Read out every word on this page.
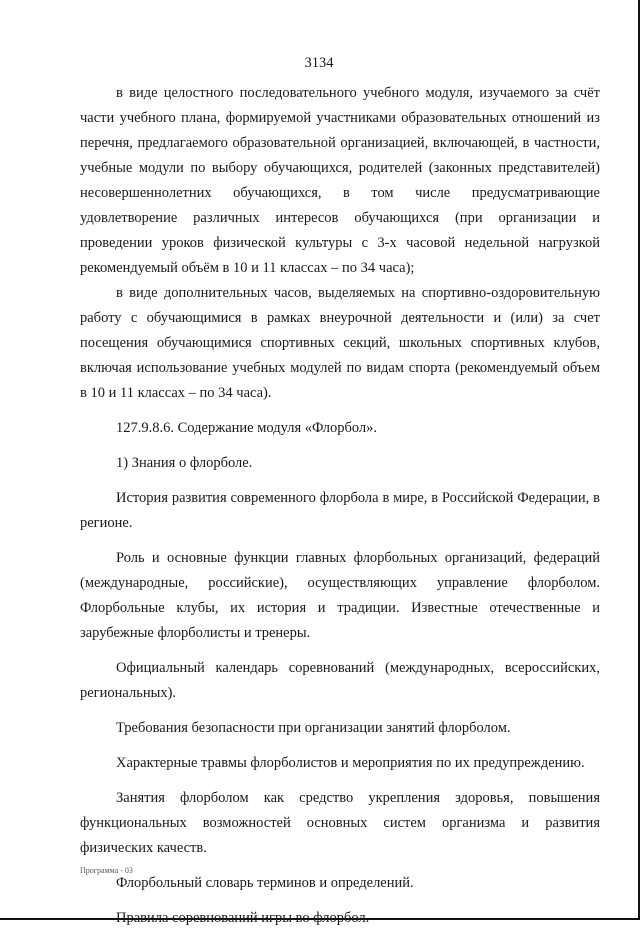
3134

в виде целостного последовательного учебного модуля, изучаемого за счёт части учебного плана, формируемой участниками образовательных отношений из перечня, предлагаемого образовательной организацией, включающей, в частности, учебные модули по выбору обучающихся, родителей (законных представителей) несовершеннолетних обучающихся, в том числе предусматривающие удовлетворение различных интересов обучающихся (при организации и проведении уроков физической культуры с 3-х часовой недельной нагрузкой рекомендуемый объём в 10 и 11 классах – по 34 часа);

в виде дополнительных часов, выделяемых на спортивно-оздоровительную работу с обучающимися в рамках внеурочной деятельности и (или) за счет посещения обучающимися спортивных секций, школьных спортивных клубов, включая использование учебных модулей по видам спорта (рекомендуемый объем в 10 и 11 классах – по 34 часа).

127.9.8.6. Содержание модуля «Флорбол».

1) Знания о флорболе.

История развития современного флорбола в мире, в Российской Федерации, в регионе.

Роль и основные функции главных флорбольных организаций, федераций (международные, российские), осуществляющих управление флорболом. Флорбольные клубы, их история и традиции. Известные отечественные и зарубежные флорболисты и тренеры.

Официальный календарь соревнований (международных, всероссийских, региональных).

Требования безопасности при организации занятий флорболом.

Характерные травмы флорболистов и мероприятия по их предупреждению.

Занятия флорболом как средство укрепления здоровья, повышения функциональных возможностей основных систем организма и развития физических качеств.

Флорбольный словарь терминов и определений.

Правила соревнований игры во флорбол.

Программа - 03
